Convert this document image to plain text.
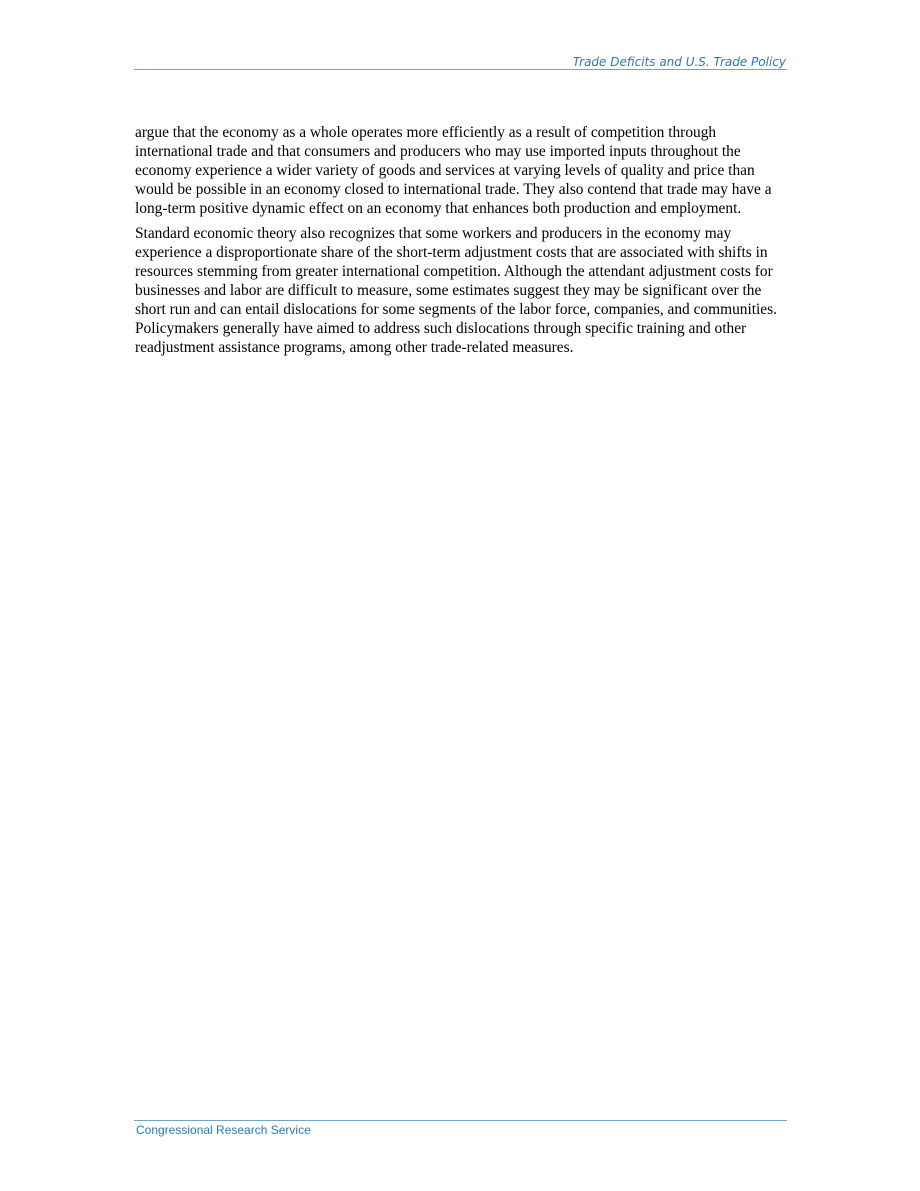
Trade Deficits and U.S. Trade Policy

argue that the economy as a whole operates more efficiently as a result of competition through international trade and that consumers and producers who may use imported inputs throughout the economy experience a wider variety of goods and services at varying levels of quality and price than would be possible in an economy closed to international trade. They also contend that trade may have a long-term positive dynamic effect on an economy that enhances both production and employment.

Standard economic theory also recognizes that some workers and producers in the economy may experience a disproportionate share of the short-term adjustment costs that are associated with shifts in resources stemming from greater international competition. Although the attendant adjustment costs for businesses and labor are difficult to measure, some estimates suggest they may be significant over the short run and can entail dislocations for some segments of the labor force, companies, and communities. Policymakers generally have aimed to address such dislocations through specific training and other readjustment assistance programs, among other trade-related measures.

Congressional Research Service
